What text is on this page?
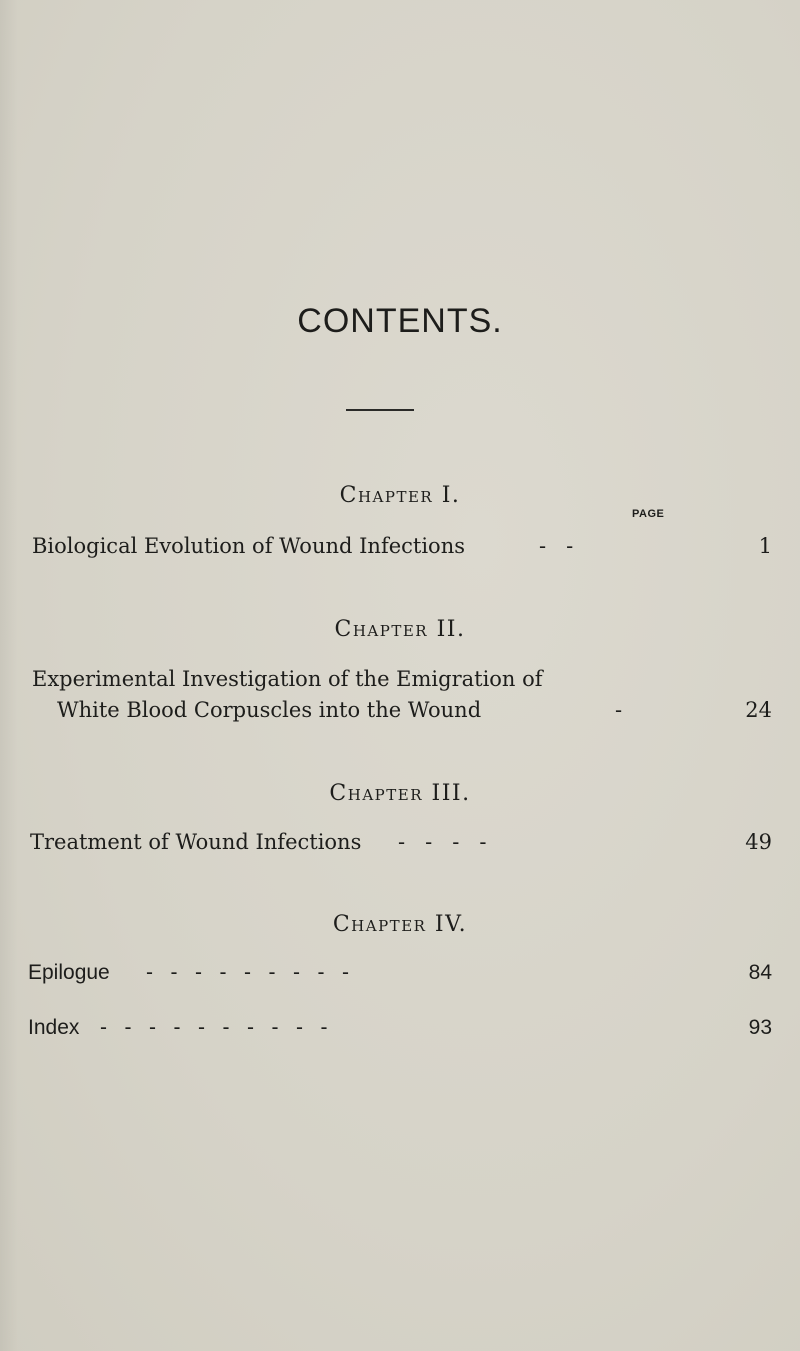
CONTENTS.
Chapter I.
PAGE
Biological Evolution of Wound Infections	-   -	1
Chapter II.
Experimental Investigation of the Emigration of
White Blood Corpuscles into the Wound	-	24
Chapter III.
Treatment of Wound Infections -   -   -   -	49
Chapter IV.
Epilogue -   -   -   -   -   -   -   -   -	84
Index -   -   -   -   -   -   -   -   -   -	93
